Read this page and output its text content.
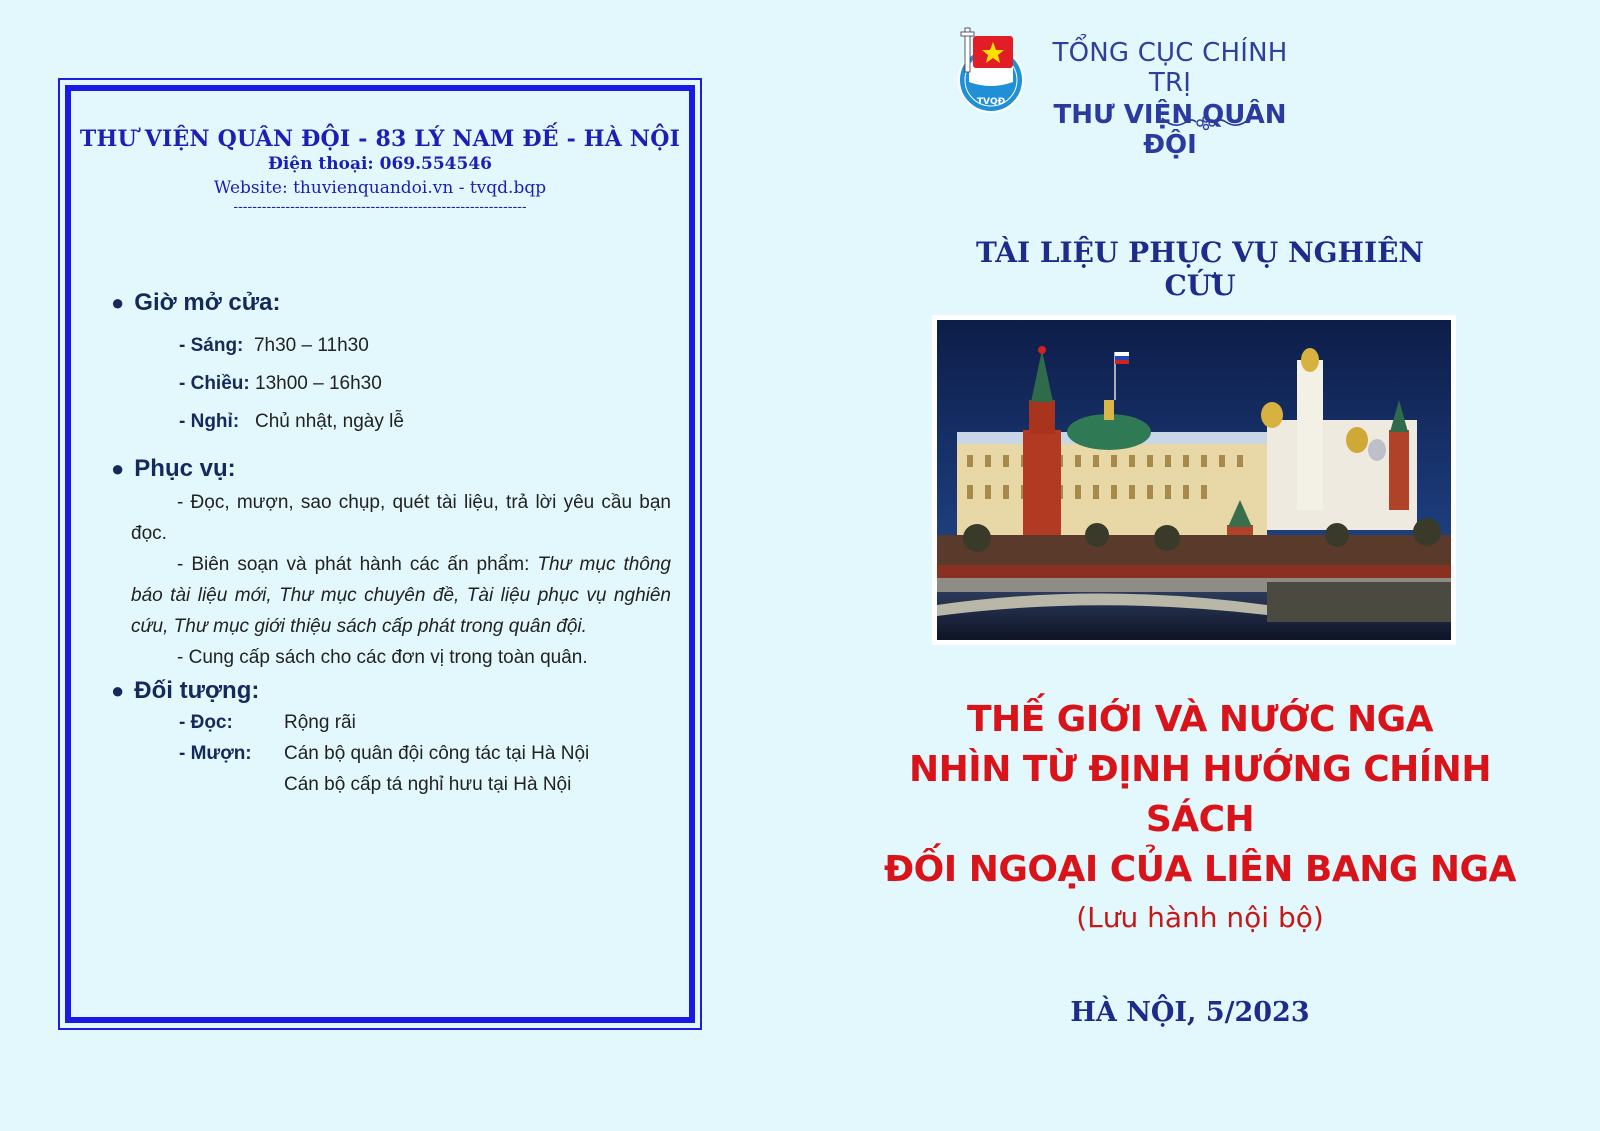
THƯ VIỆN QUÂN ĐỘI - 83 LÝ NAM ĐẾ - HÀ NỘI
Điện thoại: 069.554546
Website: thuvienquandoi.vn - tvqd.bqp
--------------------------------------------------------------
● Giờ mở cửa:
- Sáng: 7h30 – 11h30
- Chiều: 13h00 – 16h30
- Nghỉ: Chủ nhật, ngày lễ
● Phục vụ:
- Đọc, mượn, sao chụp, quét tài liệu, trả lời yêu cầu bạn đọc.
- Biên soạn và phát hành các ấn phẩm: Thư mục thông báo tài liệu mới, Thư mục chuyên đề, Tài liệu phục vụ nghiên cứu, Thư mục giới thiệu sách cấp phát trong quân đội.
- Cung cấp sách cho các đơn vị trong toàn quân.
● Đối tượng:
- Đọc:	Rộng rãi
- Mượn:	Cán bộ quân đội công tác tại Hà Nội
Cán bộ cấp tá nghỉ hưu tại Hà Nội
TVQĐ
TỔNG CỤC CHÍNH TRỊ
THƯ VIỆN QUÂN ĐỘI
TÀI LIỆU PHỤC VỤ NGHIÊN CỨU
THẾ GIỚI VÀ NƯỚC NGA
NHÌN TỪ ĐỊNH HƯỚNG CHÍNH SÁCH
ĐỐI NGOẠI CỦA LIÊN BANG NGA
(Lưu hành nội bộ)
HÀ NỘI, 5/2023
